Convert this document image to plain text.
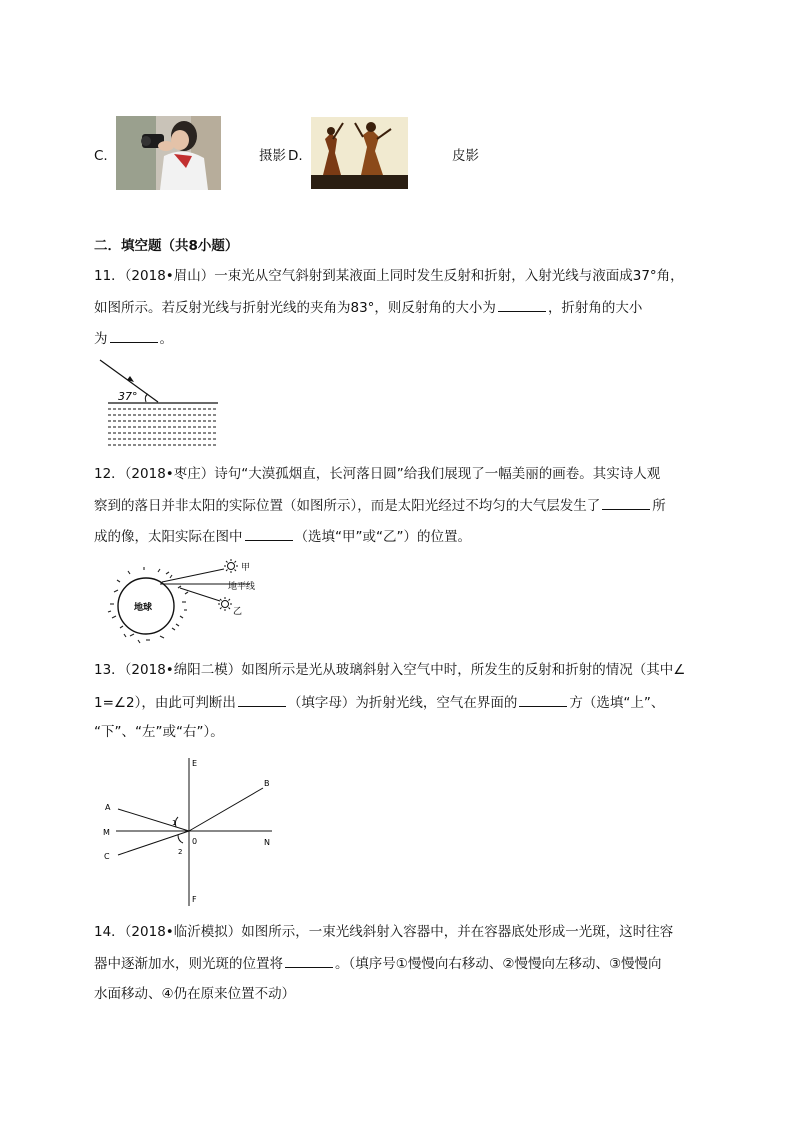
C.	摄影 D.	皮影
二．填空题（共8小题）
11．（2018•眉山）一束光从空气斜射到某液面上同时发生反射和折射，入射光线与液面成37°角，
如图所示。若反射光线与折射光线的夹角为83°，则反射角的大小为	，折射角的大小
为	。
37°
12．（2018•枣庄）诗句“大漠孤烟直，长河落日圆”给我们展现了一幅美丽的画卷。其实诗人观
察到的落日并非太阳的实际位置（如图所示），而是太阳光经过不均匀的大气层发生了	所
成的像，太阳实际在图中	（选填“甲”或“乙”）的位置。
地球
甲
地平线
乙
13．（2018•绵阳二模）如图所示是光从玻璃斜射入空气中时，所发生的反射和折射的情况（其中∠
1=∠2），由此可判断出	（填字母）为折射光线，空气在界面的	方（选填“上”、
“下”、“左”或“右”）。
E
B
A
1
M
0	N
2
C
F
14．（2018•临沂模拟）如图所示，一束光线斜射入容器中，并在容器底处形成一光斑，这时往容
器中逐渐加水，则光斑的位置将	。（填序号①慢慢向右移动、②慢慢向左移动、③慢慢向
水面移动、④仍在原来位置不动）
